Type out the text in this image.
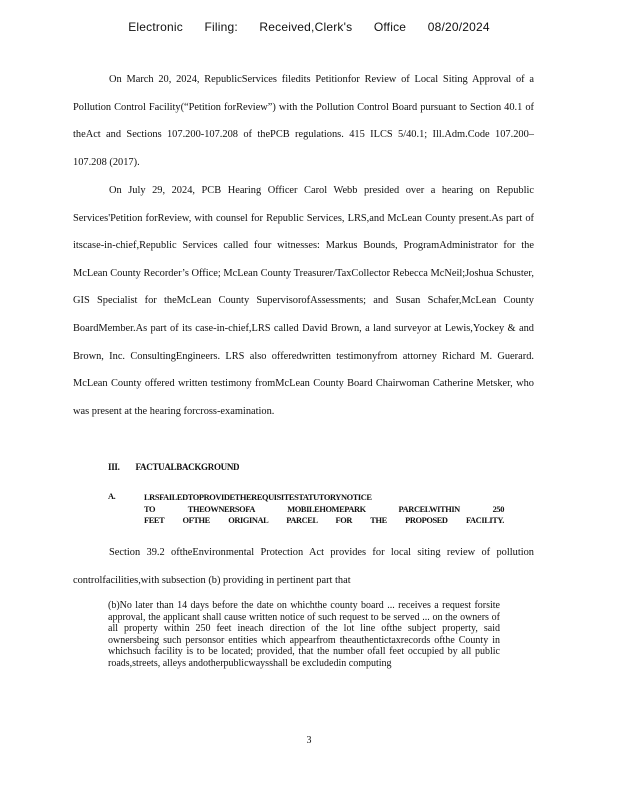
Electronic Filing: Received,Clerk's Office 08/20/2024

On March 20, 2024, RepublicServices filedits Petitionfor Review of Local Siting Approval of a Pollution Control Facility(“Petition forReview”) with the Pollution Control Board pursuant to Section 40.1 of theAct and Sections 107.200-107.208 of thePCB regulations. 415 ILCS 5/40.1; Ill.Adm.Code 107.200–107.208 (2017).

On July 29, 2024, PCB Hearing Officer Carol Webb presided over a hearing on Republic Services'Petition forReview, with counsel for Republic Services, LRS,and McLean County present.As part of itscase-in-chief,Republic Services called four witnesses: Markus Bounds, ProgramAdministrator for the McLean County Recorder’s Office; McLean County Treasurer/TaxCollector Rebecca McNeil;Joshua Schuster, GIS Specialist for theMcLean County SupervisorofAssessments; and Susan Schafer,McLean County BoardMember.As part of its case-in-chief,LRS called David Brown, a land surveyor at Lewis,Yockey & and Brown, Inc. ConsultingEngineers. LRS also offeredwritten testimonyfrom attorney Richard M. Guerard. McLean County offered written testimony fromMcLean County Board Chairwoman Catherine Metsker, who was present at the hearing forcross-examination.

III. FACTUALBACKGROUND
A.	LRSFAILEDTOPROVIDETHEREQUISITESTATUTORYNOTICE
TO THEOWNERSOFA MOBILEHOMEPARK PARCELWITHIN 250
FEET OFTHE ORIGINAL PARCEL FOR THE PROPOSED FACILITY.

Section 39.2 oftheEnvironmental Protection Act provides for local siting review of pollution controlfacilities,with subsection (b) providing in pertinent part that

(b)No later than 14 days before the date on whichthe county board ... receives a request forsite approval, the applicant shall cause written notice of such request to be served ... on the owners of all property within 250 feet ineach direction of the lot line ofthe subject property, said ownersbeing such personsor entities which appearfrom theauthentictaxrecords ofthe County in whichsuch facility is to be located; provided, that the number ofall feet occupied by all public roads,streets, alleys andotherpublicwaysshall be excludedin computing
3
